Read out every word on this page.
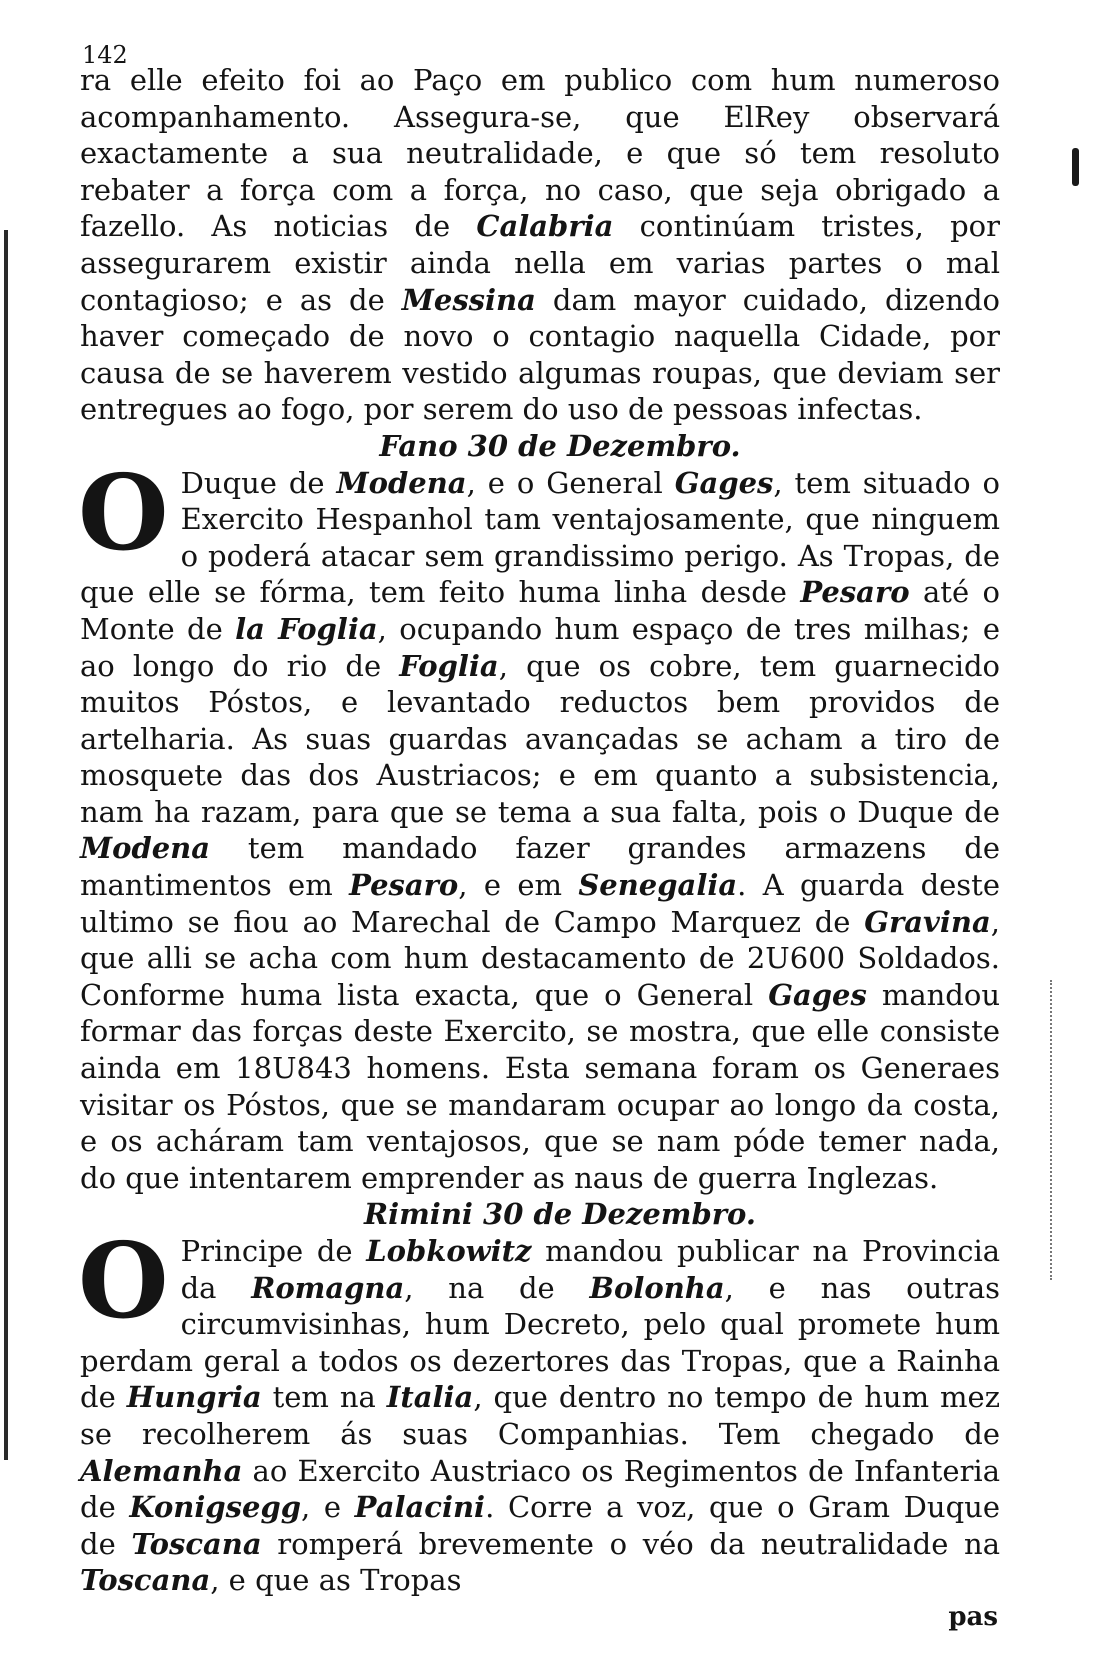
142

ra elle efeito foi ao Paço em publico com hum numeroso acompanhamento. Assegura-se, que ElRey observará exactamente a sua neutralidade, e que só tem resoluto rebater a força com a força, no caso, que seja obrigado a fazello. As noticias de Calabria continúam tristes, por assegurarem existir ainda nella em varias partes o mal contagioso; e as de Messina dam mayor cuidado, dizendo haver começado de novo o contagio naquella Cidade, por causa de se haverem vestido algumas roupas, que deviam ser entregues ao fogo, por serem do uso de pessoas infectas.

Fano 30 de Dezembro.

O Duque de Modena, e o General Gages, tem situado o Exercito Hespanhol tam ventajosamente, que ninguem o poderá atacar sem grandissimo perigo. As Tropas, de que elle se fórma, tem feito huma linha desde Pesaro até o Monte de la Foglia, ocupando hum espaço de tres milhas; e ao longo do rio de Foglia, que os cobre, tem guarnecido muitos Póstos, e levantado reductos bem providos de artelharia. As suas guardas avançadas se acham a tiro de mosquete das dos Austriacos; e em quanto a subsistencia, nam ha razam, para que se tema a sua falta, pois o Duque de Modena tem mandado fazer grandes armazens de mantimentos em Pesaro, e em Senegalia. A guarda deste ultimo se fiou ao Marechal de Campo Marquez de Gravina, que alli se acha com hum destacamento de 2U600 Soldados. Conforme huma lista exacta, que o General Gages mandou formar das forças deste Exercito, se mostra, que elle consiste ainda em 18U843 homens. Esta semana foram os Generaes visitar os Póstos, que se mandaram ocupar ao longo da costa, e os acháram tam ventajosos, que se nam póde temer nada, do que intentarem emprender as naus de guerra Inglezas.

Rimini 30 de Dezembro.

O Principe de Lobkowitz mandou publicar na Provincia da Romagna, na de Bolonha, e nas outras circumvisinhas, hum Decreto, pelo qual promete hum perdam geral a todos os dezertores das Tropas, que a Rainha de Hungria tem na Italia, que dentro no tempo de hum mez se recolherem ás suas Companhias. Tem chegado de Alemanha ao Exercito Austriaco os Regimentos de Infanteria de Konigsegg, e Palacini. Corre a voz, que o Gram Duque de Toscana romperá brevemente o véo da neutralidade na Toscana, e que as Tropas

pas
